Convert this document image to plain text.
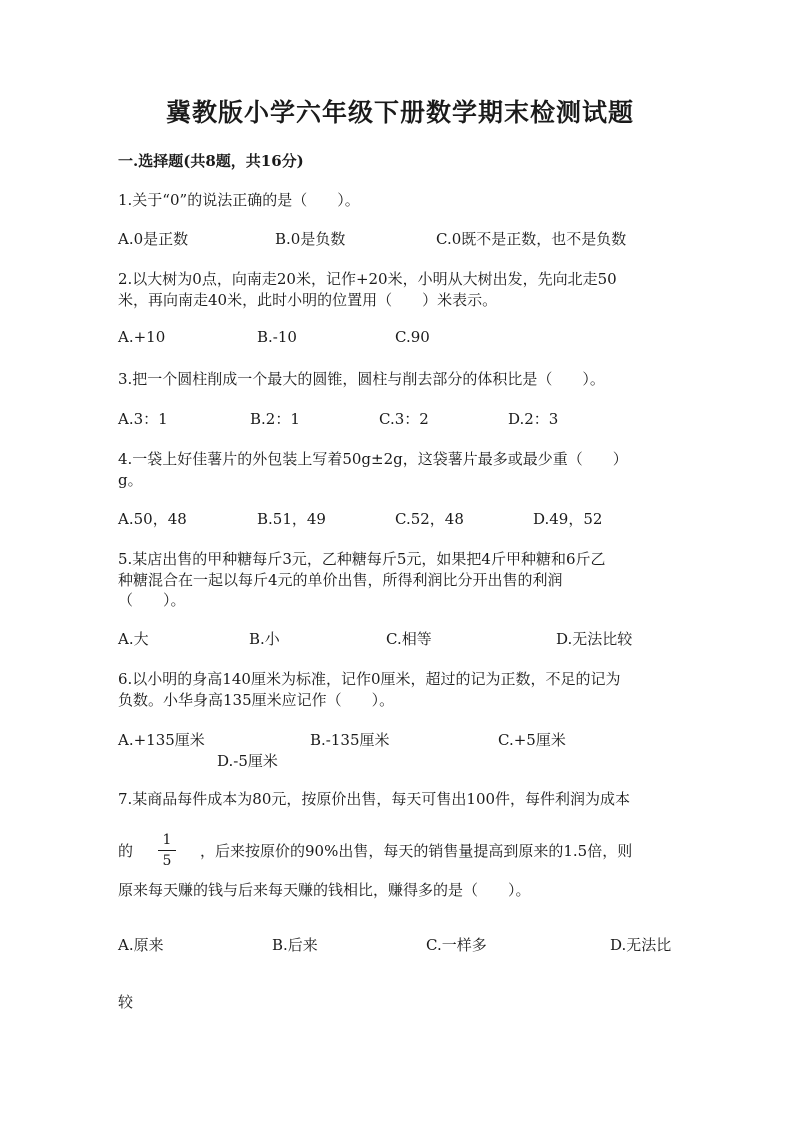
冀教版小学六年级下册数学期末检测试题
一.选择题(共8题，共16分)
1.关于“0”的说法正确的是（　　）。
A.0是正数	B.0是负数	C.0既不是正数，也不是负数
2.以大树为0点，向南走20米，记作+20米，小明从大树出发，先向北走50
米，再向南走40米，此时小明的位置用（　　）米表示。
A.+10	B.-10	C.90
3.把一个圆柱削成一个最大的圆锥，圆柱与削去部分的体积比是（　　）。
A.3：1	B.2：1	C.3：2	D.2：3
4.一袋上好佳薯片的外包装上写着50g±2g，这袋薯片最多或最少重（　　）
g。
A.50，48	B.51，49	C.52，48	D.49，52
5.某店出售的甲种糖每斤3元，乙种糖每斤5元，如果把4斤甲种糖和6斤乙
种糖混合在一起以每斤4元的单价出售，所得利润比分开出售的利润
（　　）。
A.大	B.小	C.相等	D.无法比较
6.以小明的身高140厘米为标准，记作0厘米，超过的记为正数，不足的记为
负数。小华身高135厘米应记作（　　）。
A.+135厘米	B.-135厘米	C.+5厘米
D.-5厘米
7.某商品每件成本为80元，按原价出售，每天可售出100件，每件利润为成本
的
1
5
，后来按原价的90%出售，每天的销售量提高到原来的1.5倍，则
原来每天赚的钱与后来每天赚的钱相比，赚得多的是（　　）。
A.原来	B.后来	C.一样多	D.无法比
较
